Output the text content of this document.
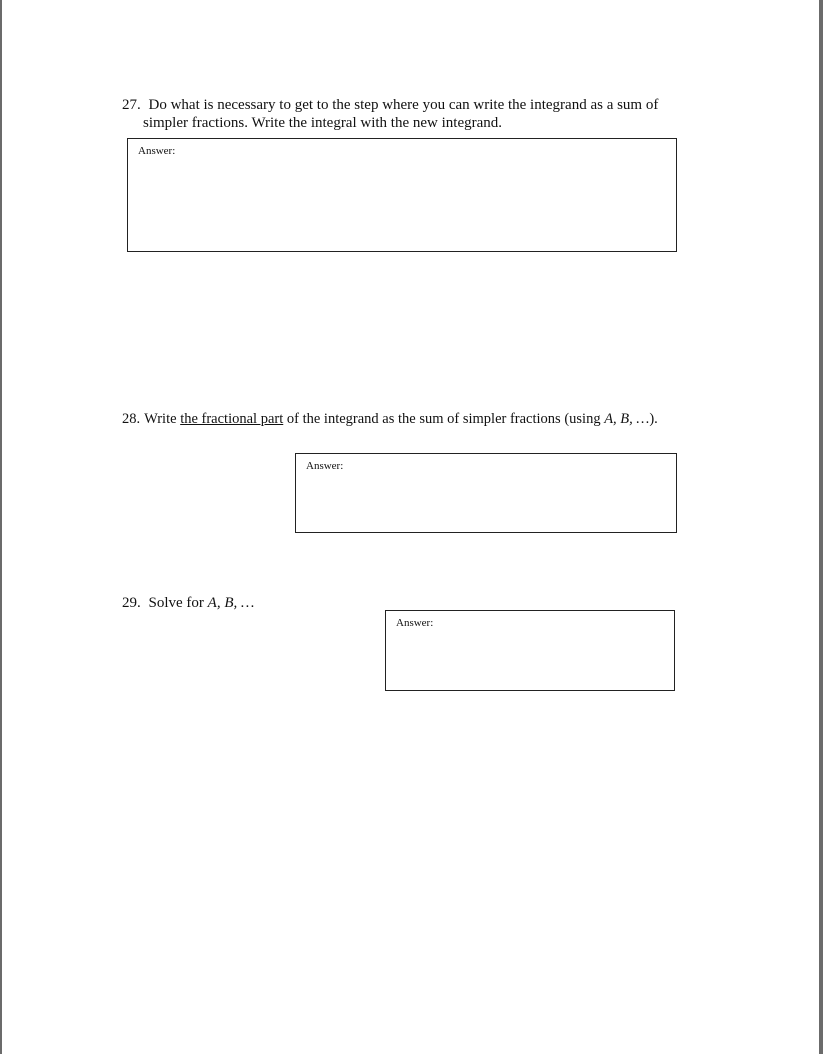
27. Do what is necessary to get to the step where you can write the integrand as a sum of
simpler fractions. Write the integral with the new integrand.
Answer:
28. Write the fractional part of the integrand as the sum of simpler fractions (using A, B, …).
Answer:
29. Solve for A, B, …
Answer:
